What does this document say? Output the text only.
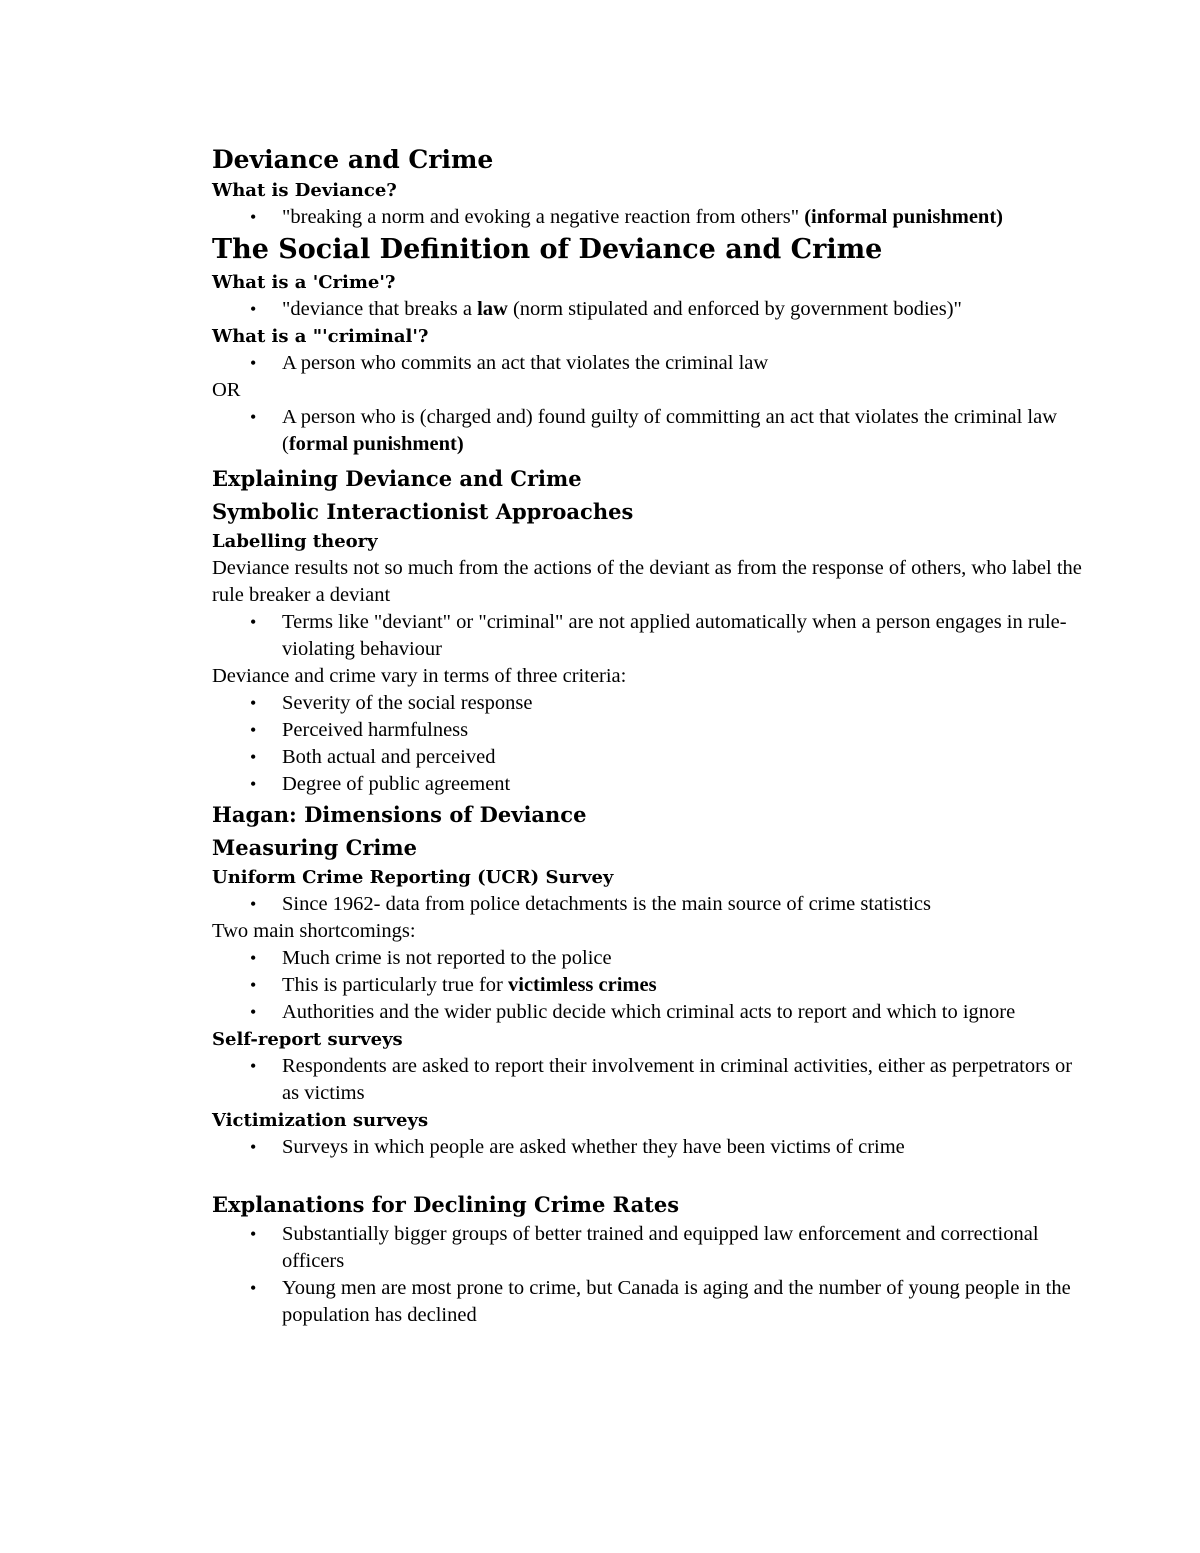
Deviance and Crime
What is Deviance?
• "breaking a norm and evoking a negative reaction from others" (informal punishment)
The Social Definition of Deviance and Crime
What is a 'Crime'?
• "deviance that breaks a law (norm stipulated and enforced by government bodies)"
What is a "'criminal'?
• A person who commits an act that violates the criminal law
OR
• A person who is (charged and) found guilty of committing an act that violates the criminal law (formal punishment)
Explaining Deviance and Crime
Symbolic Interactionist Approaches
Labelling theory
Deviance results not so much from the actions of the deviant as from the response of others, who label the rule breaker a deviant
• Terms like "deviant" or "criminal" are not applied automatically when a person engages in rule-violating behaviour
Deviance and crime vary in terms of three criteria:
• Severity of the social response
• Perceived harmfulness
• Both actual and perceived
• Degree of public agreement
Hagan: Dimensions of Deviance
Measuring Crime
Uniform Crime Reporting (UCR) Survey
• Since 1962- data from police detachments is the main source of crime statistics
Two main shortcomings:
• Much crime is not reported to the police
• This is particularly true for victimless crimes
• Authorities and the wider public decide which criminal acts to report and which to ignore
Self-report surveys
• Respondents are asked to report their involvement in criminal activities, either as perpetrators or as victims
Victimization surveys
• Surveys in which people are asked whether they have been victims of crime
Explanations for Declining Crime Rates
• Substantially bigger groups of better trained and equipped law enforcement and correctional officers
• Young men are most prone to crime, but Canada is aging and the number of young people in the population has declined
